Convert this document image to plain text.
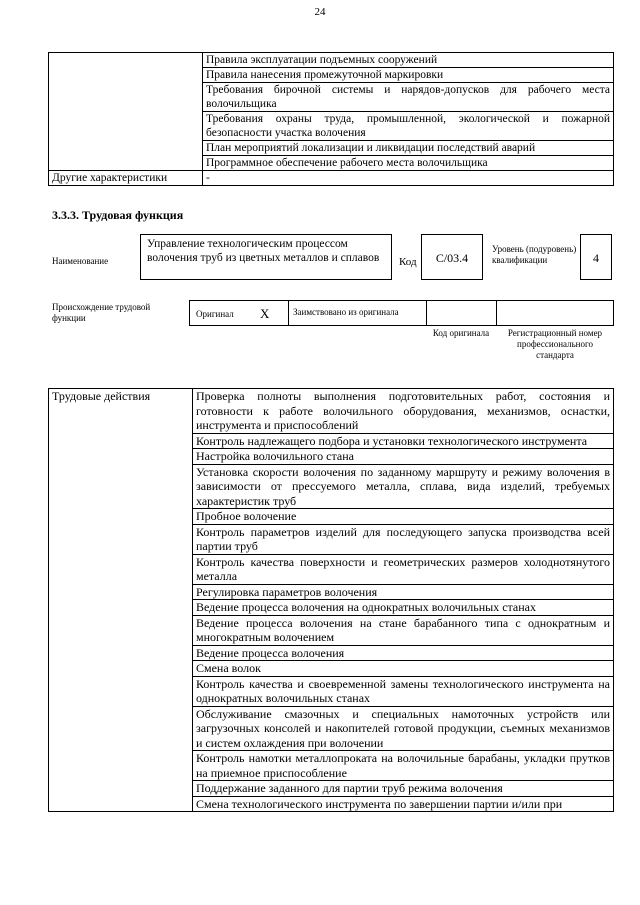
24
	Правила эксплуатации подъемных сооружений
	Правила нанесения промежуточной маркировки
	Требования бирочной системы и нарядов-допусков для рабочего места волочильщика
	Требования охраны труда, промышленной, экологической и пожарной безопасности участка волочения
	План мероприятий локализации и ликвидации последствий аварий
	Программное обеспечение рабочего места волочильщика
Другие характеристики	-
3.3.3. Трудовая функция
Наименование
Управление технологическим процессом волочения труб из цветных металлов и сплавов	Код	C/03.4
Уровень (подуровень) квалификации	4
Происхождение трудовой функции	Оригинал X	Заимствовано из оригинала
Код оригинала	Регистрационный номер профессионального стандарта
Трудовые действия	Проверка полноты выполнения подготовительных работ, состояния и готовности к работе волочильного оборудования, механизмов, оснастки, инструмента и приспособлений
Контроль надлежащего подбора и установки технологического инструмента
Настройка волочильного стана
Установка скорости волочения по заданному маршруту и режиму волочения в зависимости от прессуемого металла, сплава, вида изделий, требуемых характеристик труб
Пробное волочение
Контроль параметров изделий для последующего запуска производства всей партии труб
Контроль качества поверхности и геометрических размеров холоднотянутого металла
Регулировка параметров волочения
Ведение процесса волочения на однократных волочильных станах
Ведение процесса волочения на стане барабанного типа с однократным и многократным волочением
Ведение процесса волочения
Смена волок
Контроль качества и своевременной замены технологического инструмента на однократных волочильных станах
Обслуживание смазочных и специальных намоточных устройств или загрузочных консолей и накопителей готовой продукции, съемных механизмов и систем охлаждения при волочении
Контроль намотки металлопроката на волочильные барабаны, укладки прутков на приемное приспособление
Поддержание заданного для партии труб режима волочения
Смена технологического инструмента по завершении партии и/или при
